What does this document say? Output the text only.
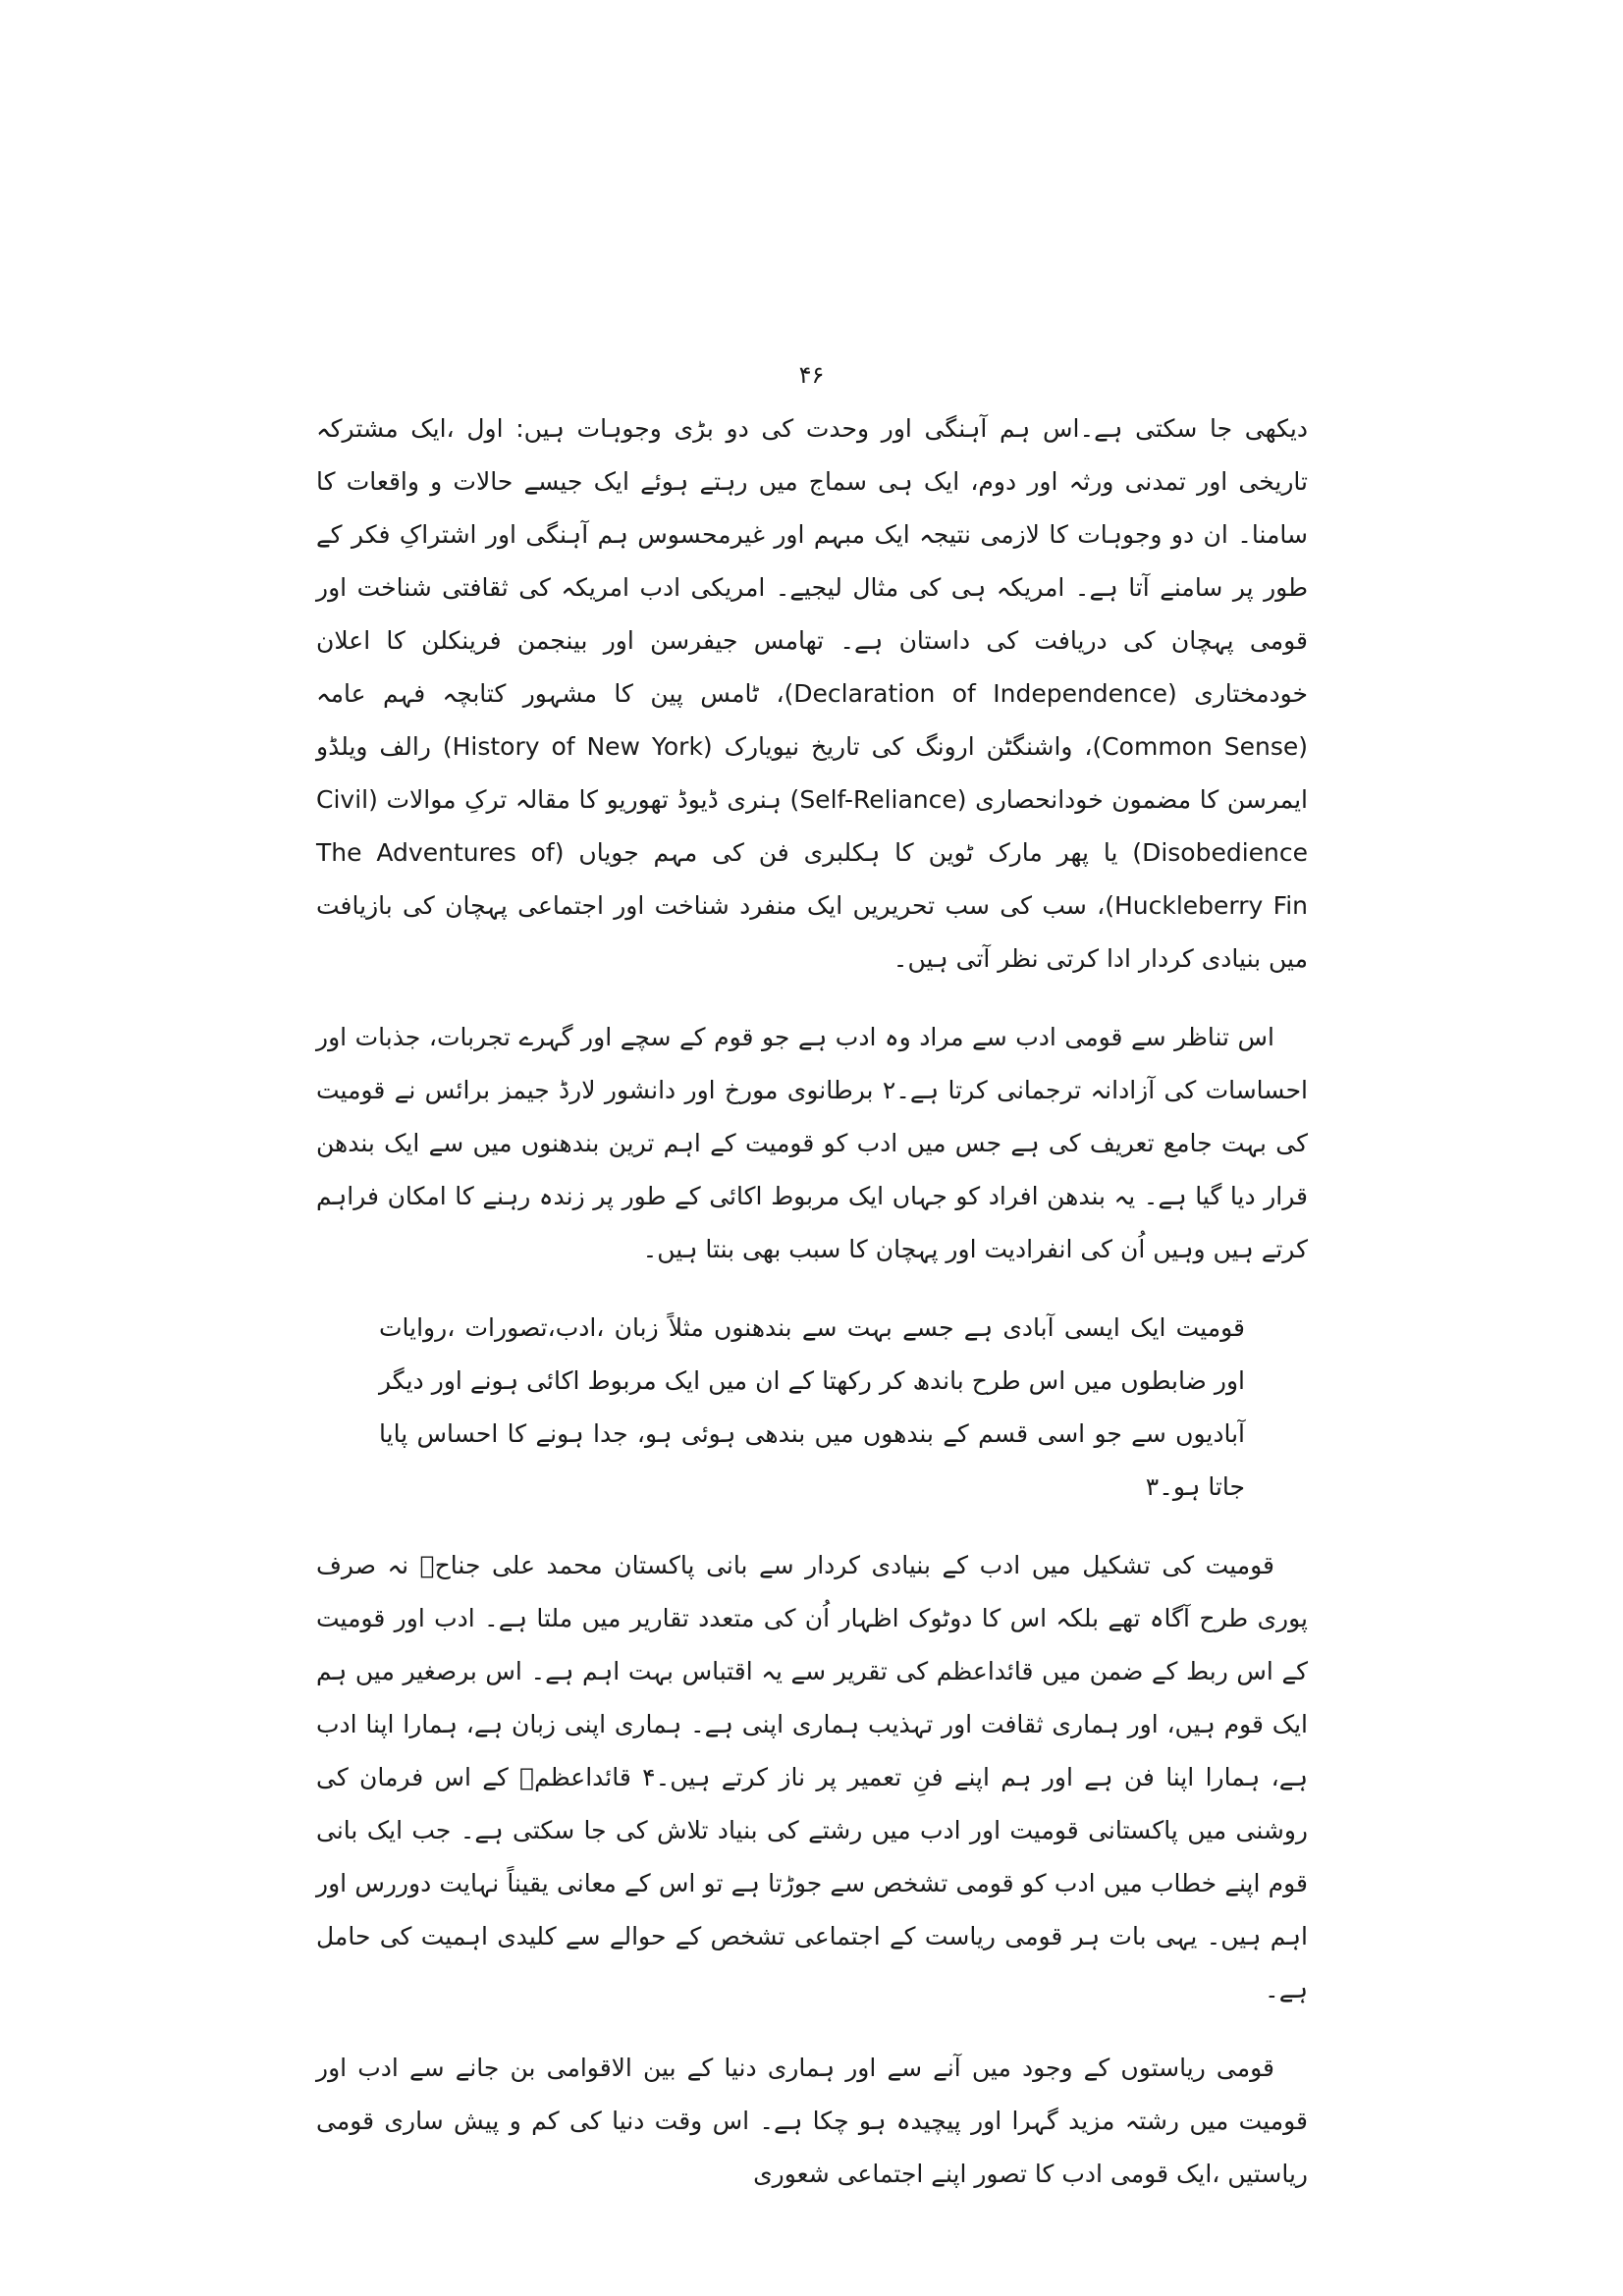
۴۶

دیکھی جا سکتی ہے۔اس ہم آہنگی اور وحدت کی دو بڑی وجوہات ہیں: اول ،ایک مشترکہ تاریخی اور تمدنی ورثہ اور دوم، ایک ہی سماج میں رہتے ہوئے ایک جیسے حالات و واقعات کا سامنا۔ ان دو وجوہات کا لازمی نتیجہ ایک مبہم اور غیرمحسوس ہم آہنگی اور اشتراکِ فکر کے طور پر سامنے آتا ہے۔ امریکہ ہی کی مثال لیجیے۔ امریکی ادب امریکہ کی ثقافتی شناخت اور قومی پہچان کی دریافت کی داستان ہے۔ تھامس جیفرسن اور بینجمن فرینکلن کا اعلان خودمختاری (Declaration of Independence)، ٹامس پین کا مشہور کتابچہ فہم عامہ (Common Sense)، واشنگٹن ارونگ کی تاریخ نیویارک (History of New York) رالف ویلڈو ایمرسن کا مضمون خودانحصاری (Self-Reliance) ہنری ڈیوڈ تھوریو کا مقالہ ترکِ موالات (Civil Disobedience) یا پھر مارک ٹوین کا ہکلبری فن کی مہم جویاں (The Adventures of Huckleberry Fin)، سب کی سب تحریریں ایک منفرد شناخت اور اجتماعی پہچان کی بازیافت میں بنیادی کردار ادا کرتی نظر آتی ہیں۔

اس تناظر سے قومی ادب سے مراد وہ ادب ہے جو قوم کے سچے اور گہرے تجربات، جذبات اور احساسات کی آزادانہ ترجمانی کرتا ہے۔۲ برطانوی مورخ اور دانشور لارڈ جیمز برائس نے قومیت کی بہت جامع تعریف کی ہے جس میں ادب کو قومیت کے اہم ترین بندھنوں میں سے ایک بندھن قرار دیا گیا ہے۔ یہ بندھن افراد کو جہاں ایک مربوط اکائی کے طور پر زندہ رہنے کا امکان فراہم کرتے ہیں وہیں اُن کی انفرادیت اور پہچان کا سبب بھی بنتا ہیں۔

قومیت ایک ایسی آبادی ہے جسے بہت سے بندھنوں مثلاً زبان ،ادب،تصورات ،روایات اور ضابطوں میں اس طرح باندھ کر رکھتا کے ان میں ایک مربوط اکائی ہونے اور دیگر آبادیوں سے جو اسی قسم کے بندھوں میں بندھی ہوئی ہو، جدا ہونے کا احساس پایا جاتا ہو۔۳

قومیت کی تشکیل میں ادب کے بنیادی کردار سے بانی پاکستان محمد علی جناحؒ نہ صرف پوری طرح آگاہ تھے بلکہ اس کا دوٹوک اظہار اُن کی متعدد تقاریر میں ملتا ہے۔ ادب اور قومیت کے اس ربط کے ضمن میں قائداعظم کی تقریر سے یہ اقتباس بہت اہم ہے۔ اس برصغیر میں ہم ایک قوم ہیں، اور ہماری ثقافت اور تہذیب ہماری اپنی ہے۔ ہماری اپنی زبان ہے، ہمارا اپنا ادب ہے، ہمارا اپنا فن ہے اور ہم اپنے فنِ تعمیر پر ناز کرتے ہیں۔۴ قائداعظمؒ کے اس فرمان کی روشنی میں پاکستانی قومیت اور ادب میں رشتے کی بنیاد تلاش کی جا سکتی ہے۔ جب ایک بانی قوم اپنے خطاب میں ادب کو قومی تشخص سے جوڑتا ہے تو اس کے معانی یقیناً نہایت دوررس اور اہم ہیں۔ یہی بات ہر قومی ریاست کے اجتماعی تشخص کے حوالے سے کلیدی اہمیت کی حامل ہے۔

قومی ریاستوں کے وجود میں آنے سے اور ہماری دنیا کے بین الاقوامی بن جانے سے ادب اور قومیت میں رشتہ مزید گہرا اور پیچیدہ ہو چکا ہے۔ اس وقت دنیا کی کم و پیش ساری قومی ریاستیں ،ایک قومی ادب کا تصور اپنے اجتماعی شعوری
